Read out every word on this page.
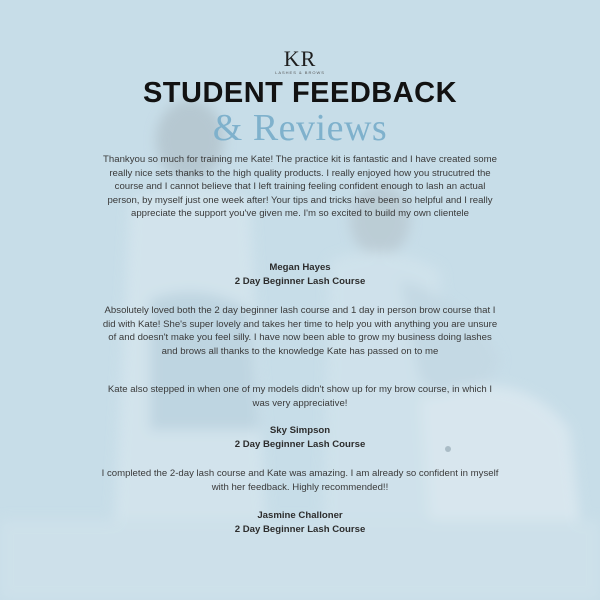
KR
LASHES & BROWS
STUDENT FEEDBACK
& Reviews

Thankyou so much for training me Kate! The practice kit is fantastic and I have created some really nice sets thanks to the high quality products. I really enjoyed how you strucutred the course and I cannot believe that I left training feeling confident enough to lash an actual person, by myself just one week after! Your tips and tricks have been so helpful and I really appreciate the support you've given me. I'm so excited to build my own clientele

Megan Hayes
2 Day Beginner Lash Course

Absolutely loved both the 2 day beginner lash course and 1 day in person brow course that I did with Kate! She's super lovely and takes her time to help you with anything you are unsure of and doesn't make you feel silly. I have now been able to grow my business doing lashes and brows all thanks to the knowledge Kate has passed on to me

Kate also stepped in when one of my models didn't show up for my brow course, in which I was very appreciative!

Sky Simpson
2 Day Beginner Lash Course

I completed the 2-day lash course and Kate was amazing. I am already so confident in myself with her feedback. Highly recommended!!

Jasmine Challoner
2 Day Beginner Lash Course
